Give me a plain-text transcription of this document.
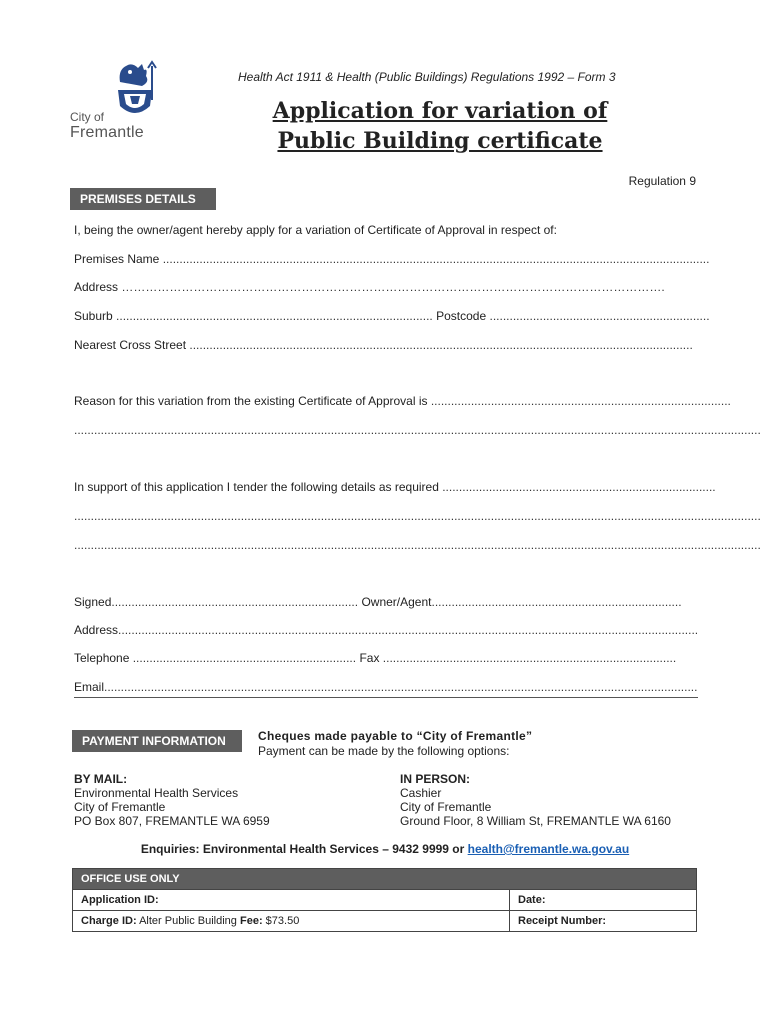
City of
Fremantle
Health Act 1911 & Health (Public Buildings) Regulations 1992 – Form 3
Application for variation of
Public Building certificate
Regulation 9
PREMISES DETAILS
I, being the owner/agent hereby apply for a variation of Certificate of Approval in respect of:
Premises Name ....................................................................................................................................................................
Address ……………………………………………………………………………………………………………………….
Suburb ............................................................................................... Postcode ..................................................................
Nearest Cross Street .......................................................................................................................................................
Reason for this variation from the existing Certificate of Approval is ..........................................................................................
..............................................................................................................................................................................................................
In support of this application I tender the following details as required ..................................................................................
..............................................................................................................................................................................................................
..............................................................................................................................................................................................................
Signed.......................................................................... Owner/Agent...........................................................................
Address..............................................................................................................................................................................
Telephone ................................................................... Fax ........................................................................................
Email..................................................................................................................................................................................
PAYMENT INFORMATION	Cheques made payable to “City of Fremantle”
Payment can be made by the following options:
BY MAIL:
Environmental Health Services
City of Fremantle
PO Box 807, FREMANTLE WA 6959
IN PERSON:
Cashier
City of Fremantle
Ground Floor, 8 William St, FREMANTLE WA 6160
Enquiries: Environmental Health Services – 9432 9999 or health@fremantle.wa.gov.au
OFFICE USE ONLY	
Application ID:	Date:
Charge ID: Alter Public Building Fee: $73.50	Receipt Number:
